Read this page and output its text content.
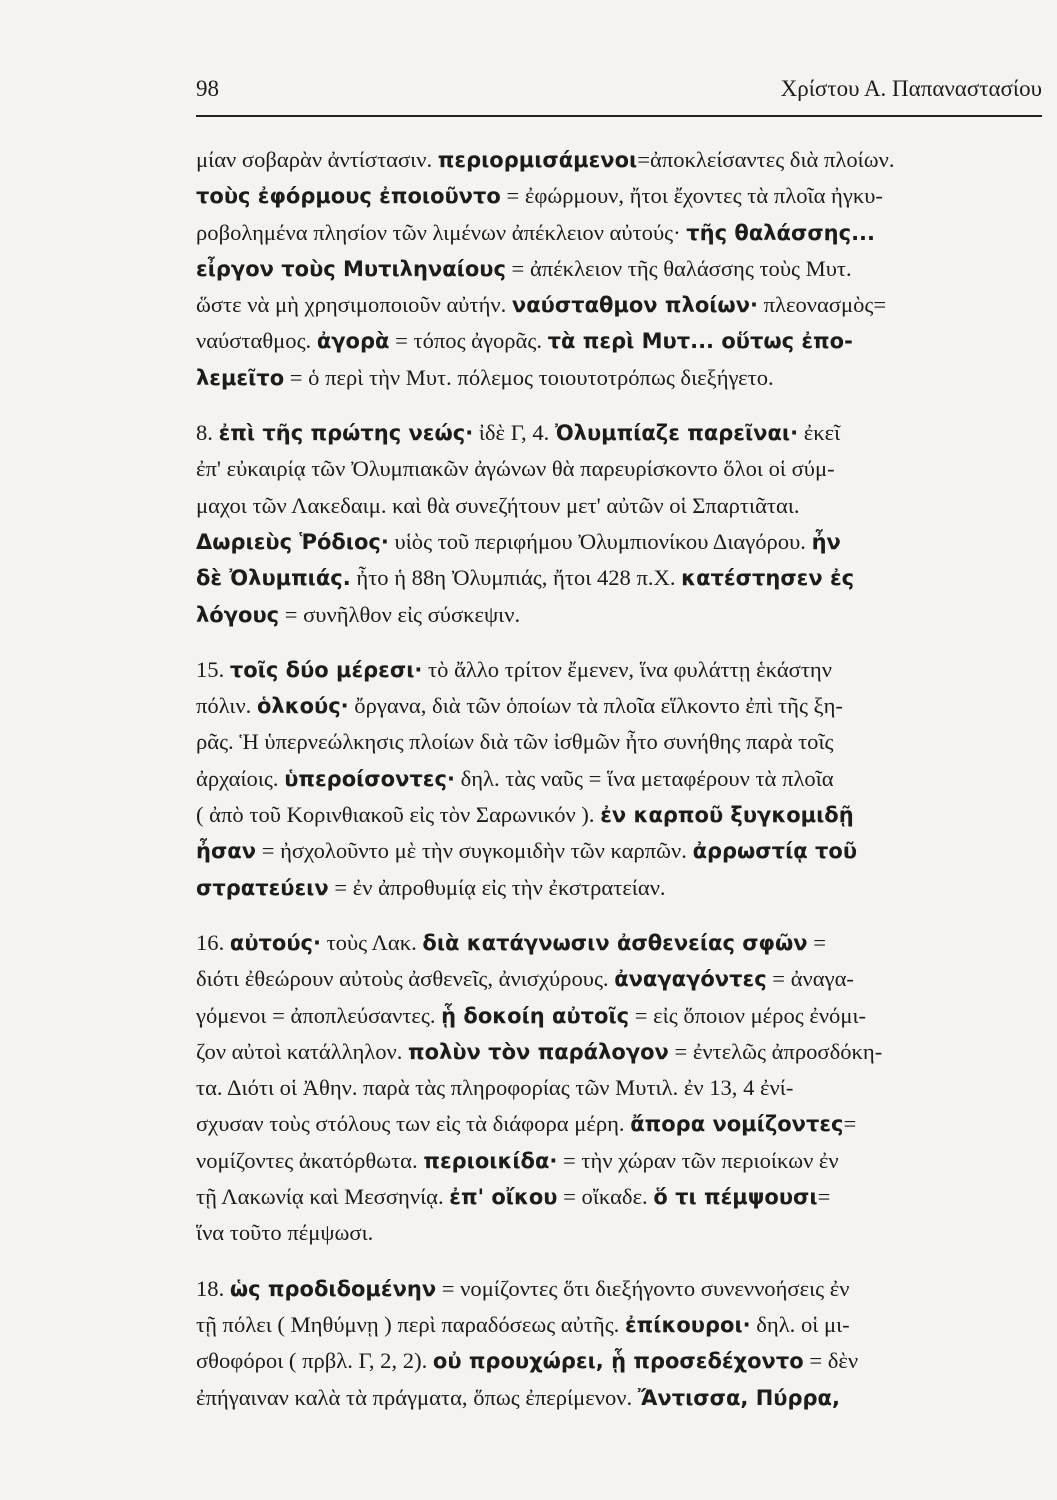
98	Χρίστου Α. Παπαναστασίου
μίαν σοβαρὰν ἀντίστασιν. περιορμισάμενοι=ἀποκλείσαντες διὰ πλοίων.
τοὺς ἐφόρμους ἐποιοῦντο = ἐφώρμουν, ἤτοι ἔχοντες τὰ πλοῖα ἠγκυ-
ροβολημένα πλησίον τῶν λιμένων ἀπέκλειον αὐτούς· τῆς θαλάσσης...
εἶργον τοὺς Μυτιληναίους = ἀπέκλειον τῆς θαλάσσης τοὺς Μυτ.
ὥστε νὰ μὴ χρησιμοποιοῦν αὐτήν. ναύσταθμον πλοίων· πλεονασμὸς=
ναύσταθμος. ἀγορὰ = τόπος ἀγορᾶς. τὰ περὶ Μυτ... οὕτως ἐπο-
λεμεῖτο = ὁ περὶ τὴν Μυτ. πόλεμος τοιουτοτρόπως διεξήγετο.
8. ἐπὶ τῆς πρώτης νεώς· ἰδὲ Γ, 4. Ὀλυμπίαζε παρεῖναι· ἐκεῖ
ἐπ' εὐκαιρίᾳ τῶν Ὀλυμπιακῶν ἀγώνων θὰ παρευρίσκοντο ὅλοι οἱ σύμ-
μαχοι τῶν Λακεδαιμ. καὶ θὰ συνεζήτουν μετ' αὐτῶν οἱ Σπαρτιᾶται.
Δωριεὺς Ῥόδιος· υἱὸς τοῦ περιφήμου Ὀλυμπιονίκου Διαγόρου. ἦν
δὲ Ὀλυμπιάς. ἦτο ἡ 88η Ὀλυμπιάς, ἤτοι 428 π.Χ. κατέστησεν ἐς
λόγους = συνῆλθον εἰς σύσκεψιν.
15. τοῖς δύο μέρεσι· τὸ ἄλλο τρίτον ἔμενεν, ἵνα φυλάττῃ ἑκάστην
πόλιν. ὁλκούς· ὄργανα, διὰ τῶν ὁποίων τὰ πλοῖα εἵλκοντο ἐπὶ τῆς ξη-
ρᾶς. Ἡ ὑπερνεώλκησις πλοίων διὰ τῶν ἰσθμῶν ἦτο συνήθης παρὰ τοῖς
ἀρχαίοις. ὑπεροίσοντες· δηλ. τὰς ναῦς = ἵνα μεταφέρουν τὰ πλοῖα
( ἀπὸ τοῦ Κορινθιακοῦ εἰς τὸν Σαρωνικόν ). ἐν καρποῦ ξυγκομιδῇ
ἦσαν = ἠσχολοῦντο μὲ τὴν συγκομιδὴν τῶν καρπῶν. ἀρρωστίᾳ τοῦ
στρατεύειν = ἐν ἀπροθυμίᾳ εἰς τὴν ἐκστρατείαν.
16. αὐτούς· τοὺς Λακ. διὰ κατάγνωσιν ἀσθενείας σφῶν =
διότι ἐθεώρουν αὐτοὺς ἀσθενεῖς, ἀνισχύρους. ἀναγαγόντες = ἀναγα-
γόμενοι = ἀποπλεύσαντες. ᾗ δοκοίη αὐτοῖς = εἰς ὅποιον μέρος ἐνόμι-
ζον αὐτοὶ κατάλληλον. πολὺν τὸν παράλογον = ἐντελῶς ἀπροσδόκη-
τα. Διότι οἱ Ἀθην. παρὰ τὰς πληροφορίας τῶν Μυτιλ. ἐν 13, 4 ἐνί-
σχυσαν τοὺς στόλους των εἰς τὰ διάφορα μέρη. ἄπορα νομίζοντες=
νομίζοντες ἀκατόρθωτα. περιοικίδα· = τὴν χώραν τῶν περιοίκων ἐν
τῇ Λακωνίᾳ καὶ Μεσσηνίᾳ. ἐπ' οἴκου = οἴκαδε. ὅ τι πέμψουσι=
ἵνα τοῦτο πέμψωσι.
18. ὡς προδιδομένην = νομίζοντες ὅτι διεξήγοντο συνεννοήσεις ἐν
τῇ πόλει ( Μηθύμνῃ ) περὶ παραδόσεως αὐτῆς. ἐπίκουροι· δηλ. οἱ μι-
σθοφόροι ( πρβλ. Γ, 2, 2). οὐ προυχώρει, ᾗ προσεδέχοντο = δὲν
ἐπήγαιναν καλὰ τὰ πράγματα, ὅπως ἐπερίμενον. Ἄντισσα, Πύρρα,
